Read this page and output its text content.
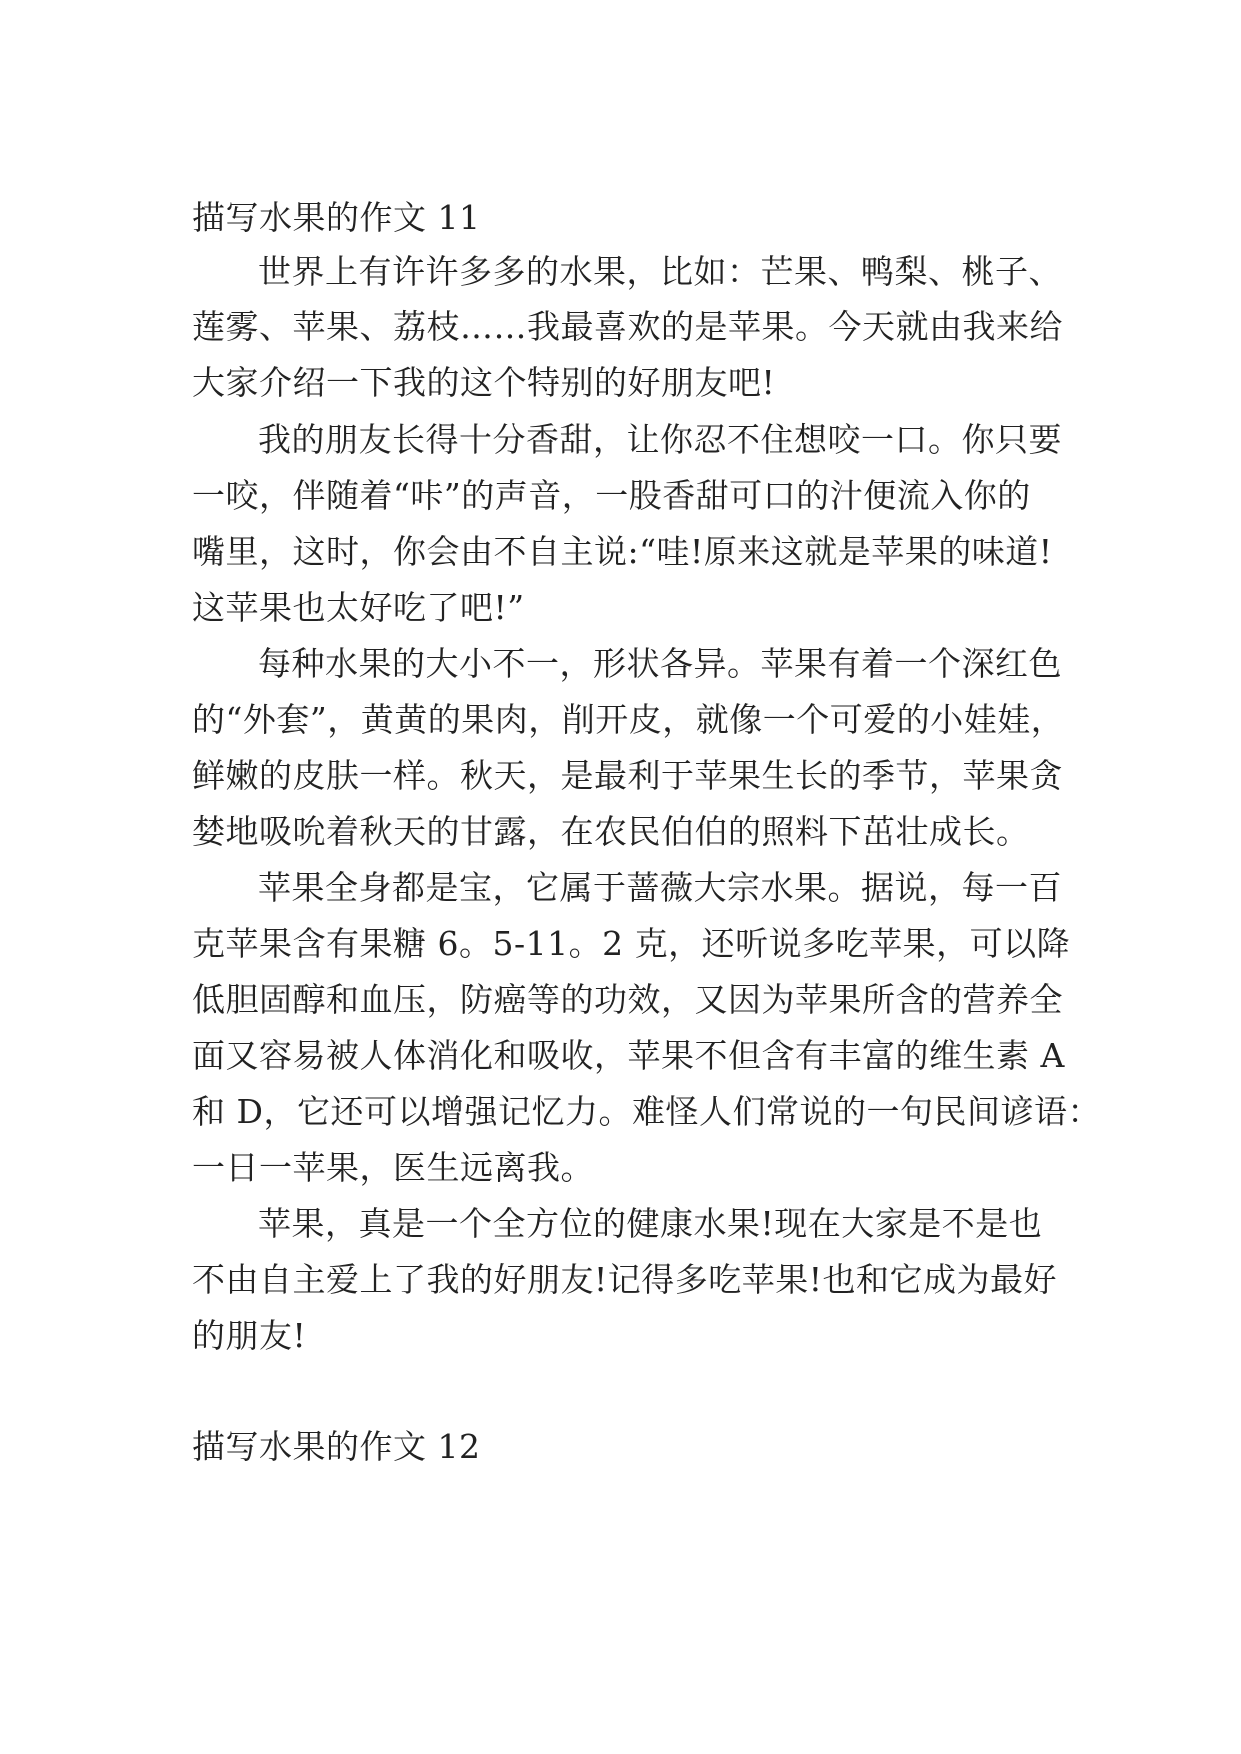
描写水果的作文 11
世界上有许许多多的水果，比如：芒果、鸭梨、桃子、
莲雾、苹果、荔枝……我最喜欢的是苹果。今天就由我来给
大家介绍一下我的这个特别的好朋友吧!
我的朋友长得十分香甜，让你忍不住想咬一口。你只要
一咬，伴随着“咔”的声音，一股香甜可口的汁便流入你的
嘴里，这时，你会由不自主说:“哇!原来这就是苹果的味道!
这苹果也太好吃了吧!”
每种水果的大小不一，形状各异。苹果有着一个深红色
的“外套”，黄黄的果肉，削开皮，就像一个可爱的小娃娃，
鲜嫩的皮肤一样。秋天，是最利于苹果生长的季节，苹果贪
婪地吸吮着秋天的甘露，在农民伯伯的照料下茁壮成长。
苹果全身都是宝，它属于蔷薇大宗水果。据说，每一百
克苹果含有果糖 6。5-11。2 克，还听说多吃苹果，可以降
低胆固醇和血压，防癌等的功效，又因为苹果所含的营养全
面又容易被人体消化和吸收，苹果不但含有丰富的维生素 A
和 D，它还可以增强记忆力。难怪人们常说的一句民间谚语：
一日一苹果，医生远离我。
苹果，真是一个全方位的健康水果!现在大家是不是也
不由自主爱上了我的好朋友!记得多吃苹果!也和它成为最好
的朋友!
描写水果的作文 12
